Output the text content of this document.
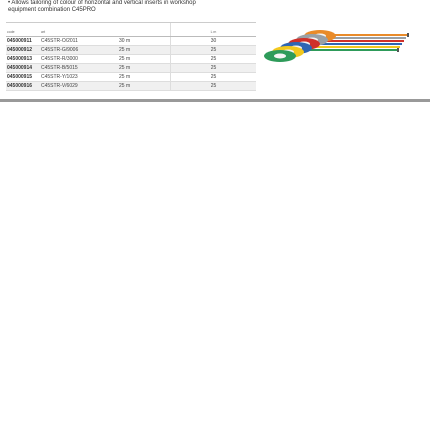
• Allows tailoring of colour of horizontal and vertical inserts in workshop
equipment combination C45PRO
code	art		L m
045000911	C45STR-O/2011	30 m	30
045000912	C45STR-G/9006	25 m	25
045000913	C45STR-R/3000	25 m	25
045000914	C45STR-B/5015	25 m	25
045000915	C45STR-Y/1023	25 m	25
045000916	C45STR-V/6029	25 m	25
